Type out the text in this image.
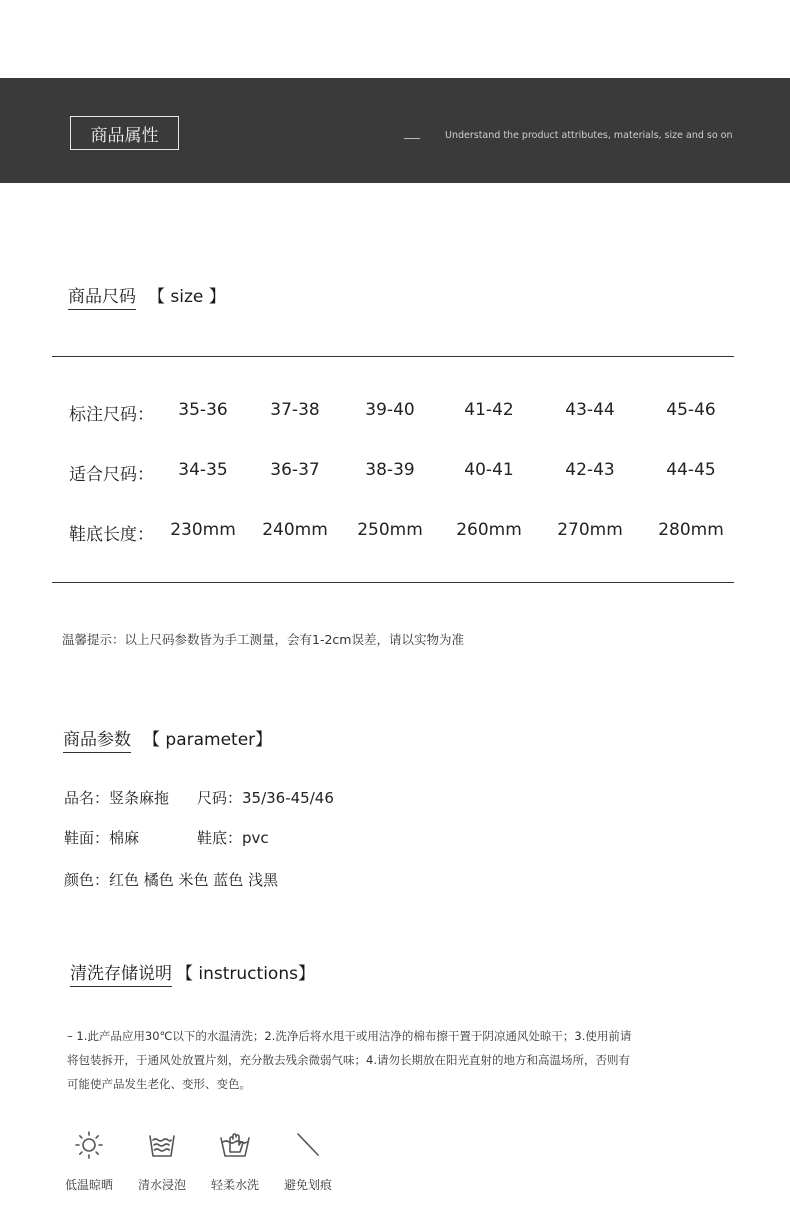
商品属性	Understand the product attributes, materials, size and so on
商品尺码 【 size 】
标注尺码： 35-36	37-38	39-40	41-42	43-44	45-46
适合尺码： 34-35	36-37	38-39	40-41	42-43	44-45
鞋底长度： 230mm 240mm 250mm 260mm 270mm 280mm
温馨提示：以上尺码参数皆为手工测量，会有1-2cm误差，请以实物为准
商品参数 【 parameter】
品名：竖条麻拖 尺码：35/36-45/46
鞋面：棉麻	鞋底：pvc
颜色：红色 橘色 米色 蓝色 浅黑
清洗存储说明 【 instructions】

– 1.此产品应用30℃以下的水温清洗；2.洗净后将水甩干或用洁净的棉布擦干置于阴凉通风处晾干；3.使用前请

将包装拆开，于通风处放置片刻，充分散去残余微弱气味；4.请勿长期放在阳光直射的地方和高温场所，否则有

可能使产品发生老化、变形、变色。

低温晾晒	清水浸泡	轻柔水洗	避免划痕
